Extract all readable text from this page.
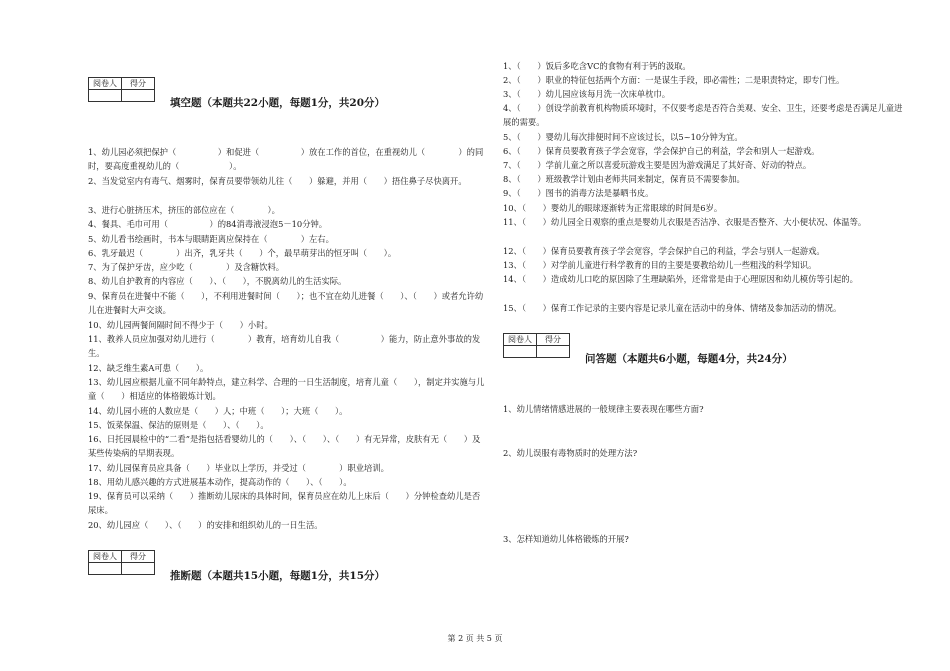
阅卷人	得分

填空题（本题共22小题，每题1分，共20分）
1、幼儿园必须把保护（　　　　　）和促进（　　　　　）放在工作的首位，在重视幼儿（　　　　）的同时，要高度重视幼儿的（　　　　　　）。
2、当发觉室内有毒气、烟雾时，保育员要带领幼儿往（　　）躲避，并用（　　）捂住鼻子尽快离开。
3、进行心脏挤压术，挤压的部位应在（　　　　）。
4、餐具、毛巾可用（　　　　　）的84消毒液浸泡5－10分钟。
5、幼儿看书绘画时，书本与眼睛距离应保持在（　　　　）左右。
6、乳牙最迟（　　　　）出齐，乳牙共（　　）个，最早萌芽出的恒牙叫（　　）。
7、为了保护牙齿，应少吃（　　　　）及含糖饮料。
8、幼儿自护教育的内容应（　　）、（　　），不脱离幼儿的生活实际。
9、保育员在进餐中不能（　　），不利用进餐时间（　　）；也不宜在幼儿进餐（　　）、（　　）或者允许幼儿在进餐时大声交谈。
10、幼儿园两餐间隔时间不得少于（　　）小时。
11、教养人员应加强对幼儿进行（　　　　）教育，培育幼儿自我（　　　　　）能力，防止意外事故的发生。
12、缺乏维生素A可患（　　）。
13、幼儿园应根据儿童不同年龄特点，建立科学、合理的一日生活制度，培育儿童（　　），制定并实施与儿童（　　）相适应的体格锻炼计划。
14、幼儿园小班的人数应是（　　）人；中班（　　）；大班（　　）。
15、饭菜保温、保洁的原则是（　　）、（　　）。
16、日托园晨检中的“二看”是指包括看婴幼儿的（　　）、（　　）、（　　）有无异常，皮肤有无（　　）及某些传染病的早期表现。
17、幼儿园保育员应具备（　　）毕业以上学历，并受过（　　　　）职业培训。
18、用幼儿感兴趣的方式进展基本动作，提高动作的（　　）、（　　）。
19、保育员可以采纳（　　）推断幼儿尿床的具体时间，保育员应在幼儿上床后（　　）分钟检查幼儿是否尿床。
20、幼儿园应（　　）、（　　）的安排和组织幼儿的一日生活。
阅卷人	得分

推断题（本题共15小题，每题1分，共15分）
1、（　　）饭后多吃含VC的食物有利于钙的汲取。
2、（　　）职业的特征包括两个方面：一是谋生手段，即必需性；二是职责特定，即专门性。
3、（　　）幼儿园应该每月洗一次床单枕巾。
4、（　　）创设学前教育机构物质环境时，不仅要考虑是否符合美观、安全、卫生，还要考虑是否满足儿童进展的需要。
5、（　　）婴幼儿每次排便时间不应该过长，以5~10分钟为宜。
6、（　　）保育员要教育孩子学会宽容，学会保护自己的利益，学会和别人一起游戏。
7、（　　）学前儿童之所以喜爱玩游戏主要是因为游戏满足了其好奇、好动的特点。
8、（　　）班级教学计划由老师共同来制定，保育员不需要参加。
9、（　　）图书的消毒方法是暴晒书皮。
10、（　　）婴幼儿的眼球逐渐转为正常眼球的时间是6岁。
11、（　　）幼儿园全日观察的重点是婴幼儿衣服是否洁净、衣服是否整齐、大小便状况、体温等。
12、（　　）保育员要教育孩子学会宽容，学会保护自己的利益，学会与别人一起游戏。
13、（　　）对学前儿童进行科学教育的目的主要是要教给幼儿一些粗浅的科学知识。
14、（　　）造成幼儿口吃的原因除了生理缺陷外，还常常是由于心理原因和幼儿模仿等引起的。
15、（　　）保育工作记录的主要内容是记录儿童在活动中的身体、情绪及参加活动的情况。
阅卷人	得分

问答题（本题共6小题，每题4分，共24分）
1、幼儿情绪情感进展的一般规律主要表现在哪些方面?
2、幼儿误服有毒物质时的处理方法?
3、怎样知道幼儿体格锻炼的开展?
第 2 页 共 5 页
